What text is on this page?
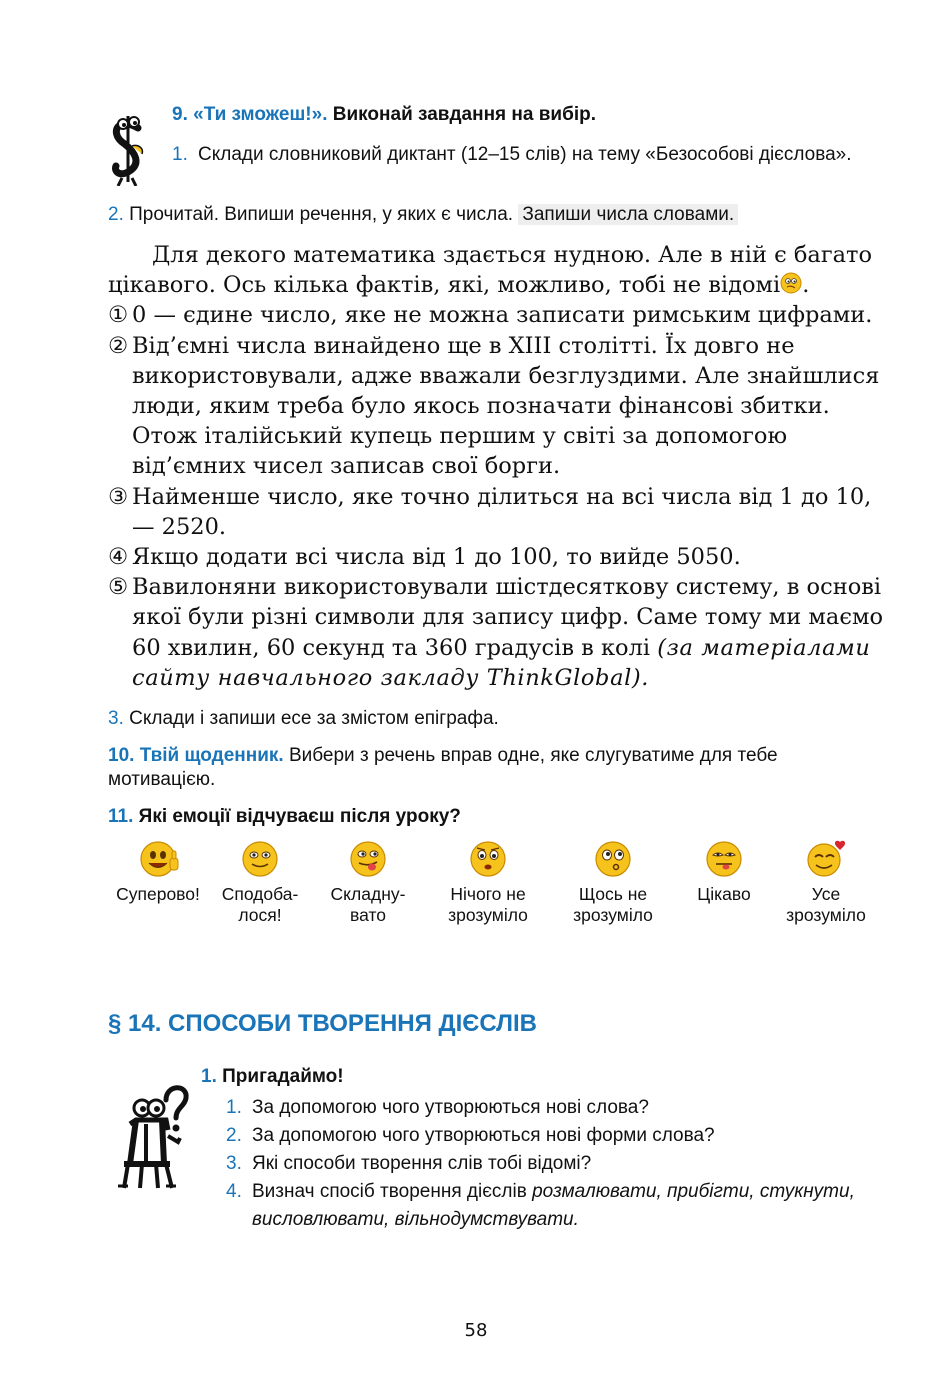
9. «Ти зможеш!». Виконай завдання на вибір.
1. Склади словниковий диктант (12–15 слів) на тему «Безособові дієслова».
2. Прочитай. Випиши речення, у яких є числа. Запиши числа словами.

Для декого математика здається нудною. Але в ній є багато цікавого. Ось кілька фактів, які, можливо, тобі не відомі .

① 0 — єдине число, яке не можна записати римським цифрами.

② Від’ємні числа винайдено ще в XIII столітті. Їх довго не використовували, адже вважали безглуздими. Але знайшлися люди, яким треба було якось позначати фінансові збитки. Отож італійський купець першим у світі за допомогою від’ємних чисел записав свої борги.

③ Найменше число, яке точно ділиться на всі числа від 1 до 10, — 2520.

④ Якщо додати всі числа від 1 до 100, то вийде 5050.

⑤ Вавилоняни використовували шістдесяткову систему, в основі якої були різні символи для запису цифр. Саме тому ми маємо 60 хвилин, 60 секунд та 360 градусів в колі (за матеріалами сайту навчального закладу ThinkGlobal).

3. Склади і запиши есе за змістом епіграфа.
10. Твій щоденник. Вибери з речень вправ одне, яке слугуватиме для тебе мотивацією.
11. Які емоції відчуваєш після уроку?
Суперово!	Сподоба-
лося!
Складну-
вато
Нічого не
зрозуміло
Щось не
зрозуміло
Цікаво	Усе
зрозуміло
§ 14. СПОСОБИ ТВОРЕННЯ ДІЄСЛІВ
1. Пригадаймо!
1. За допомогою чого утворюються нові слова?
2. За допомогою чого утворюються нові форми слова?
3. Які способи творення слів тобі відомі?
4. Визнач спосіб творення дієслів розмалювати, прибігти, стукнути, висловлювати, вільнодумствувати.
58
